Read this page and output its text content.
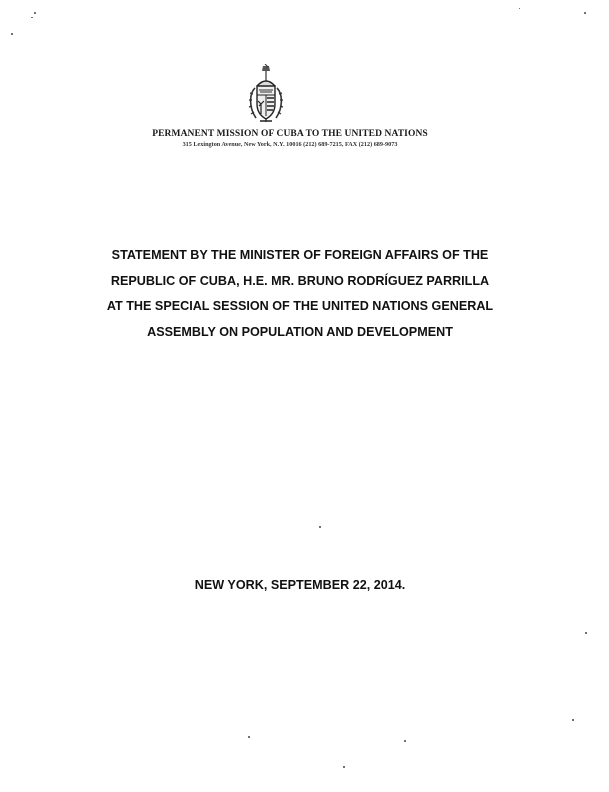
PERMANENT MISSION OF CUBA TO THE UNITED NATIONS
315 Lexington Avenue, New York, N.Y. 10016 (212) 689-7215, FAX (212) 689-9073
STATEMENT BY THE MINISTER OF FOREIGN AFFAIRS OF THE
REPUBLIC OF CUBA, H.E. MR. BRUNO RODRÍGUEZ PARRILLA
AT THE SPECIAL SESSION OF THE UNITED NATIONS GENERAL
ASSEMBLY ON POPULATION AND DEVELOPMENT
NEW YORK, SEPTEMBER 22, 2014.
